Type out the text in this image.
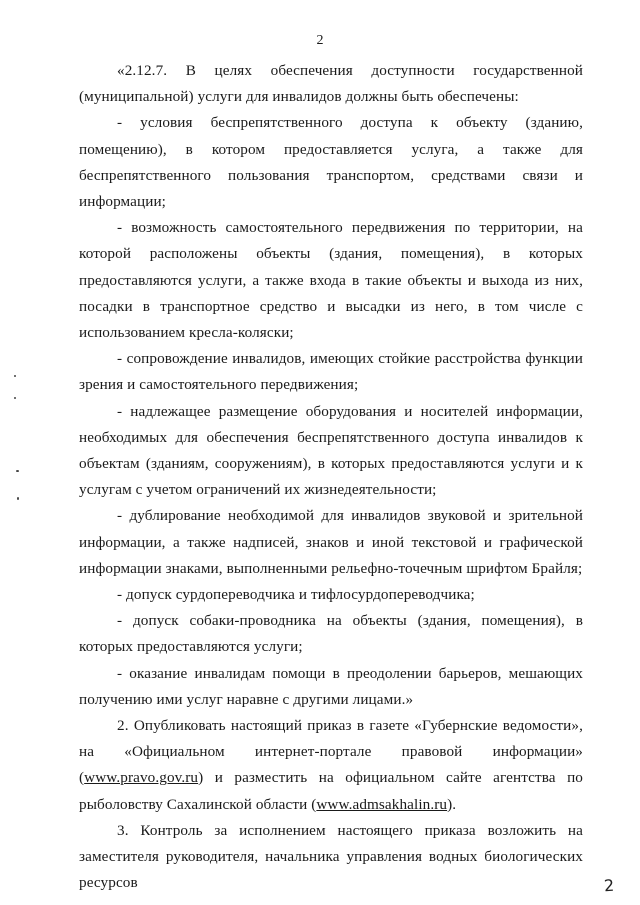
2

«2.12.7. В целях обеспечения доступности государственной (муниципальной) услуги для инвалидов должны быть обеспечены:

- условия беспрепятственного доступа к объекту (зданию, помещению), в котором предоставляется услуга, а также для беспрепятственного пользования транспортом, средствами связи и информации;

- возможность самостоятельного передвижения по территории, на которой расположены объекты (здания, помещения), в которых предоставляются услуги, а также входа в такие объекты и выхода из них, посадки в транспортное средство и высадки из него, в том числе с использованием кресла-коляски;

- сопровождение инвалидов, имеющих стойкие расстройства функции зрения и самостоятельного передвижения;

- надлежащее размещение оборудования и носителей информации, необходимых для обеспечения беспрепятственного доступа инвалидов к объектам (зданиям, сооружениям), в которых предоставляются услуги и к услугам с учетом ограничений их жизнедеятельности;

- дублирование необходимой для инвалидов звуковой и зрительной информации, а также надписей, знаков и иной текстовой и графической информации знаками, выполненными рельефно-точечным шрифтом Брайля;

- допуск сурдопереводчика и тифлосурдопереводчика;

- допуск собаки-проводника на объекты (здания, помещения), в которых предоставляются услуги;

- оказание инвалидам помощи в преодолении барьеров, мешающих получению ими услуг наравне с другими лицами.»

2. Опубликовать настоящий приказ в газете «Губернские ведомости», на «Официальном интернет-портале правовой информации» (www.pravo.gov.ru) и разместить на официальном сайте агентства по рыболовству Сахалинской области (www.admsakhalin.ru).

3. Контроль за исполнением настоящего приказа возложить на заместителя руководителя, начальника управления водных биологических ресурсов	2
